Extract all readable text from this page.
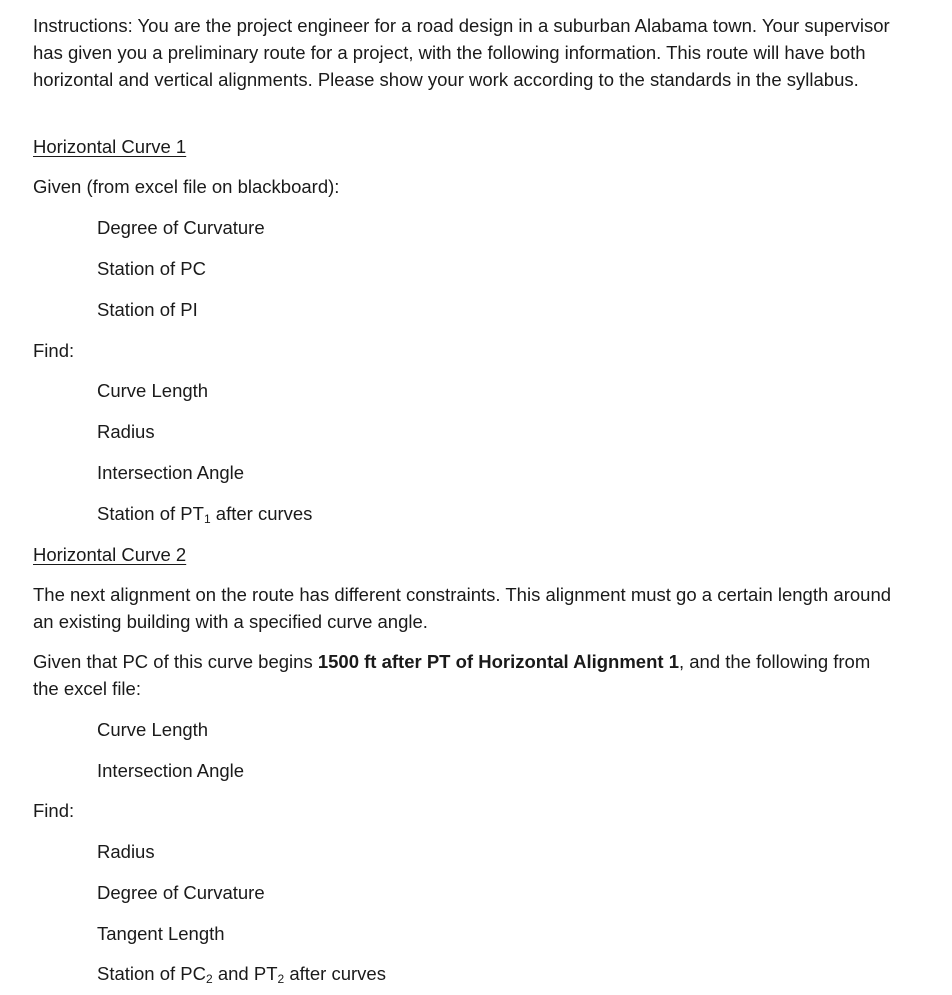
Instructions: You are the project engineer for a road design in a suburban Alabama town. Your supervisor has given you a preliminary route for a project, with the following information. This route will have both horizontal and vertical alignments. Please show your work according to the standards in the syllabus.

Horizontal Curve 1
Given (from excel file on blackboard):
Degree of Curvature
Station of PC
Station of PI
Find:
Curve Length
Radius
Intersection Angle
Station of $PT_1$ after curves
Horizontal Curve 2

The next alignment on the route has different constraints. This alignment must go a certain length around an existing building with a specified curve angle.

Given that PC of this curve begins 1500 ft after PT of Horizontal Alignment 1, and the following from the excel file:

Curve Length
Intersection Angle
Find:
Radius
Degree of Curvature
Tangent Length
Station of $PC_2$ and $PT_2$ after curves
